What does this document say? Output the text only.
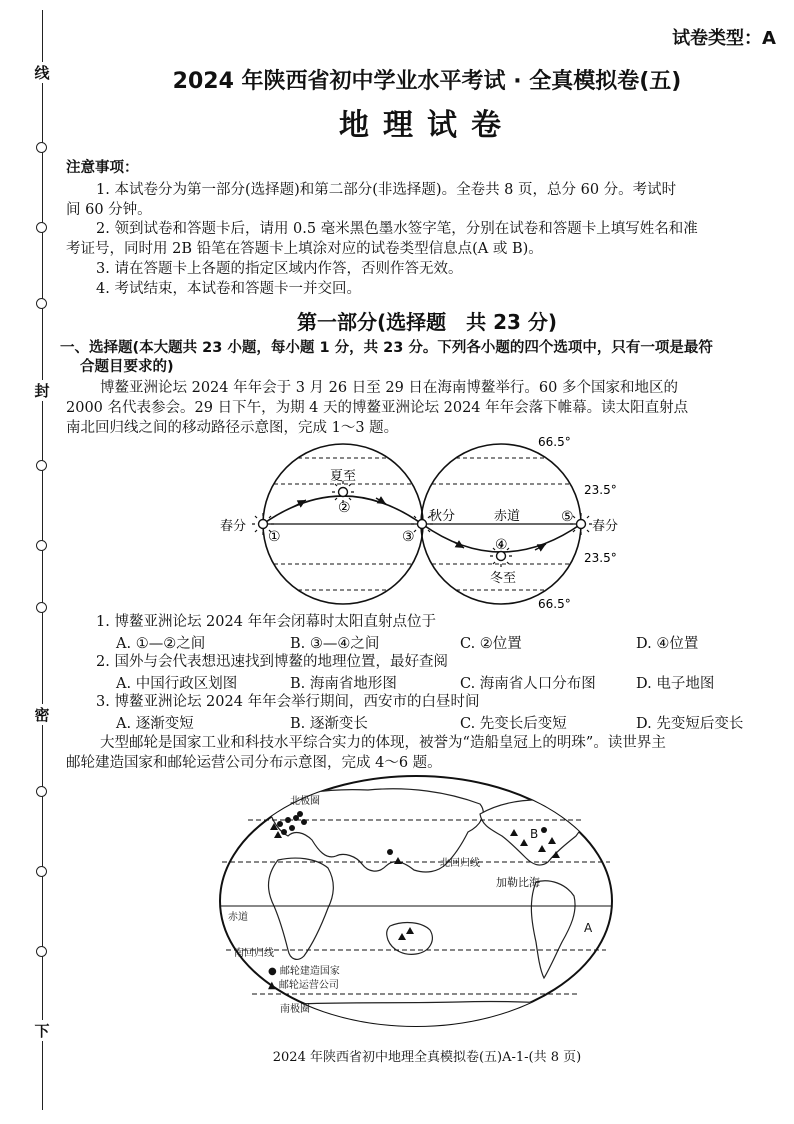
线
封
密
下
试卷类型：A
2024 年陕西省初中学业水平考试 · 全真模拟卷(五)
地理试卷
注意事项：
1. 本试卷分为第一部分(选择题)和第二部分(非选择题)。全卷共 8 页，总分 60 分。考试时
间 60 分钟。
2. 领到试卷和答题卡后，请用 0.5 毫米黑色墨水签字笔，分别在试卷和答题卡上填写姓名和准
考证号，同时用 2B 铅笔在答题卡上填涂对应的试卷类型信息点(A 或 B)。
3. 请在答题卡上各题的指定区域内作答，否则作答无效。
4. 考试结束，本试卷和答题卡一并交回。
第一部分(选择题　共 23 分)
一、选择题(本大题共 23 小题，每小题 1 分，共 23 分。下列各小题的四个选项中，只有一项是最符
合题目要求的)
博鳌亚洲论坛 2024 年年会于 3 月 26 日至 29 日在海南博鳌举行。60 多个国家和地区的
2000 名代表参会。29 日下午，为期 4 天的博鳌亚洲论坛 2024 年年会落下帷幕。读太阳直射点
南北回归线之间的移动路径示意图，完成 1～3 题。
66.5°
23.5°
23.5°
66.5°
春分
夏至
秋分
冬至
赤道
春分
①
②
③	④
⑤
1. 博鳌亚洲论坛 2024 年年会闭幕时太阳直射点位于
A. ①—②之间	B. ③—④之间	C. ②位置	D. ④位置
2. 国外与会代表想迅速找到博鳌的地理位置，最好查阅
A. 中国行政区划图	B. 海南省地形图	C. 海南省人口分布图	D. 电子地图
3. 博鳌亚洲论坛 2024 年年会举行期间，西安市的白昼时间
A. 逐渐变短	B. 逐渐变长	C. 先变长后变短	D. 先变短后变长
大型邮轮是国家工业和科技水平综合实力的体现，被誉为“造船皇冠上的明珠”。读世界主
邮轮建造国家和邮轮运营公司分布示意图，完成 4～6 题。
北极圈
北回归线
加勒比海
赤道
南回归线
南极圈
A
B
● 邮轮建造国家
▲ 邮轮运营公司
2024 年陕西省初中地理全真模拟卷(五)A-1-(共 8 页)
